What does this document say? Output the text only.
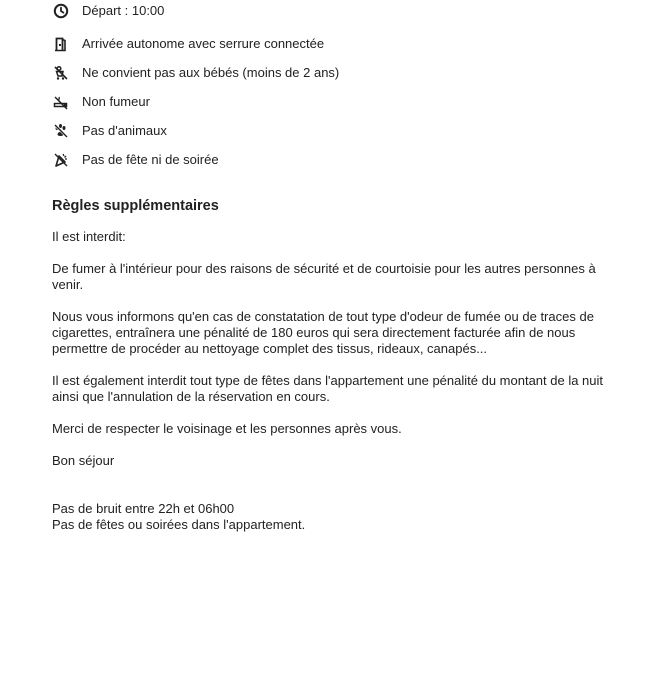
Départ : 10:00
Arrivée autonome avec serrure connectée
Ne convient pas aux bébés (moins de 2 ans)
Non fumeur
Pas d'animaux
Pas de fête ni de soirée
Règles supplémentaires

Il est interdit:

De fumer à l'intérieur pour des raisons de sécurité et de courtoisie pour les autres personnes à venir.

Nous vous informons qu'en cas de constatation de tout type d'odeur de fumée ou de traces de cigarettes, entraînera une pénalité de 180 euros qui sera directement facturée afin de nous permettre de procéder au nettoyage complet des tissus, rideaux, canapés...

Il est également interdit tout type de fêtes dans l'appartement une pénalité du montant de la nuit ainsi que l'annulation de la réservation en cours.

Merci de respecter le voisinage et les personnes après vous.

Bon séjour

Pas de bruit entre 22h et 06h00

Pas de fêtes ou soirées dans l'appartement.
